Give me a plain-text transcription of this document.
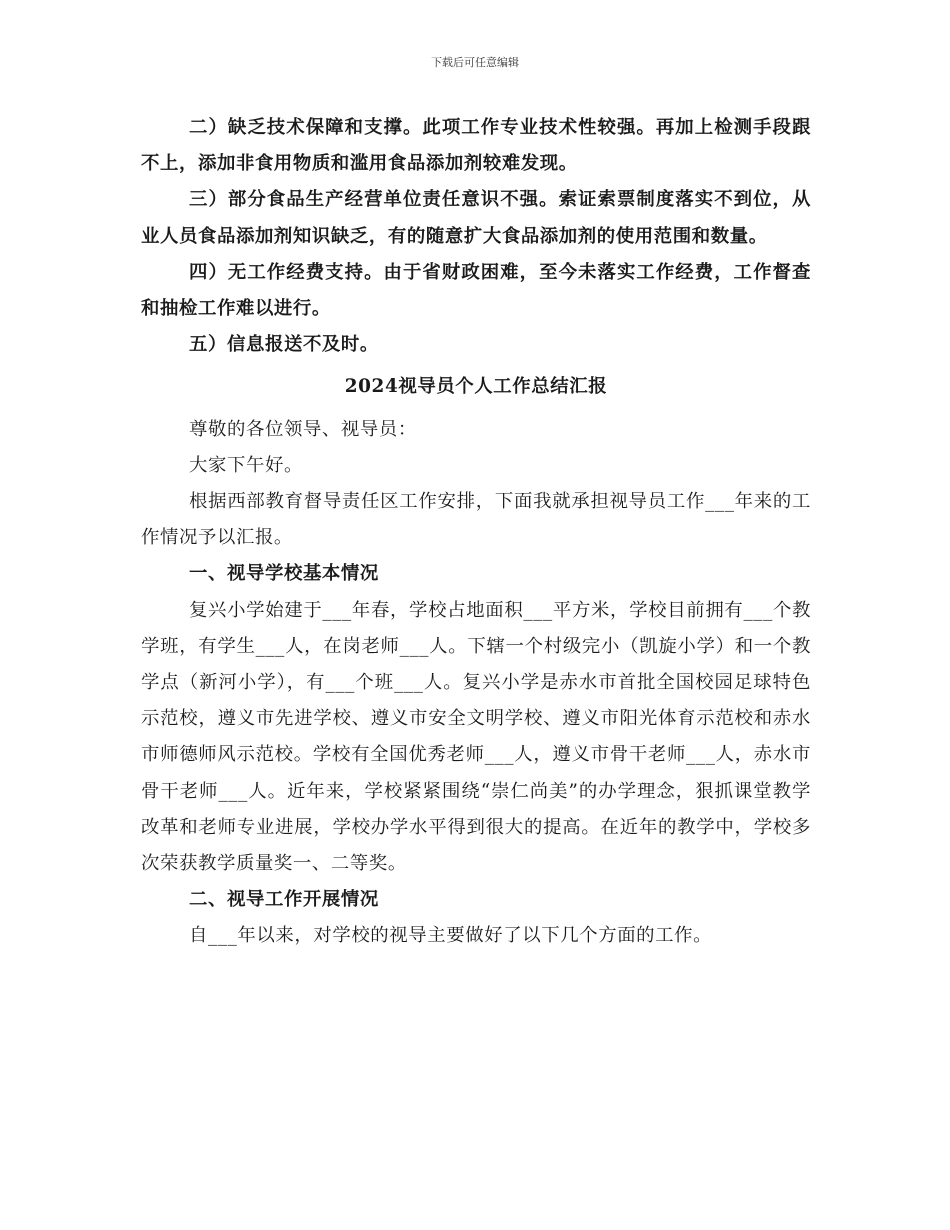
下载后可任意编辑

二）缺乏技术保障和支撑。此项工作专业技术性较强。再加上检测手段跟不上，添加非食用物质和滥用食品添加剂较难发现。

三）部分食品生产经营单位责任意识不强。索证索票制度落实不到位，从业人员食品添加剂知识缺乏，有的随意扩大食品添加剂的使用范围和数量。

四）无工作经费支持。由于省财政困难，至今未落实工作经费，工作督查和抽检工作难以进行。

五）信息报送不及时。

2024视导员个人工作总结汇报

尊敬的各位领导、视导员：

大家下午好。

根据西部教育督导责任区工作安排，下面我就承担视导员工作___年来的工作情况予以汇报。

一、视导学校基本情况

复兴小学始建于___年春，学校占地面积___平方米，学校目前拥有___个教学班，有学生___人，在岗老师___人。下辖一个村级完小（凯旋小学）和一个教学点（新河小学），有___个班___人。复兴小学是赤水市首批全国校园足球特色示范校，遵义市先进学校、遵义市安全文明学校、遵义市阳光体育示范校和赤水市师德师风示范校。学校有全国优秀老师___人，遵义市骨干老师___人，赤水市骨干老师___人。近年来，学校紧紧围绕“崇仁尚美”的办学理念，狠抓课堂教学改革和老师专业进展，学校办学水平得到很大的提高。在近年的教学中，学校多次荣获教学质量奖一、二等奖。

二、视导工作开展情况

自___年以来，对学校的视导主要做好了以下几个方面的工作。
